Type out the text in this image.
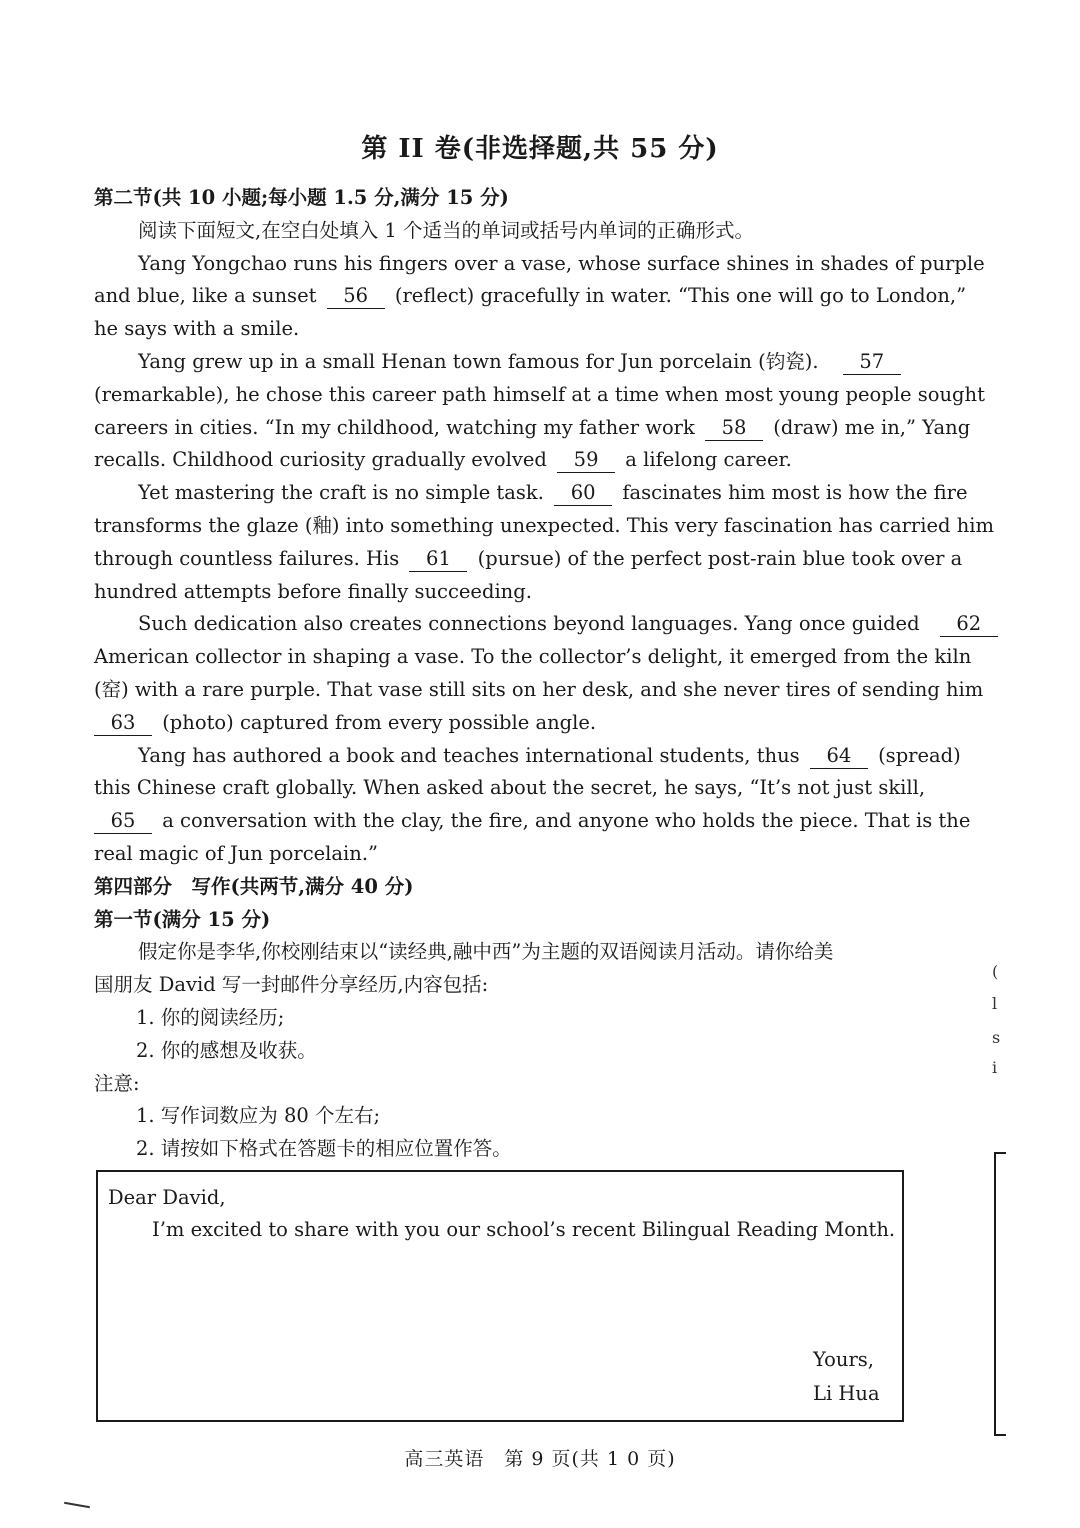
第 II 卷(非选择题,共 55 分)
第二节(共 10 小题;每小题 1.5 分,满分 15 分)
阅读下面短文,在空白处填入 1 个适当的单词或括号内单词的正确形式。
Yang Yongchao runs his fingers over a vase, whose surface shines in shades of purple
and blue, like a sunset 56 (reflect) gracefully in water. “This one will go to London,”
he says with a smile.
Yang grew up in a small Henan town famous for Jun porcelain (钧瓷). 57
(remarkable), he chose this career path himself at a time when most young people sought
careers in cities. “In my childhood, watching my father work 58 (draw) me in,” Yang
recalls. Childhood curiosity gradually evolved 59 a lifelong career.
Yet mastering the craft is no simple task. 60 fascinates him most is how the fire
transforms the glaze (釉) into something unexpected. This very fascination has carried him
through countless failures. His 61 (pursue) of the perfect post-rain blue took over a
hundred attempts before finally succeeding.
Such dedication also creates connections beyond languages. Yang once guided 62
American collector in shaping a vase. To the collector’s delight, it emerged from the kiln
(窑) with a rare purple. That vase still sits on her desk, and she never tires of sending him
63 (photo) captured from every possible angle.
Yang has authored a book and teaches international students, thus 64 (spread)
this Chinese craft globally. When asked about the secret, he says, “It’s not just skill,
65 a conversation with the clay, the fire, and anyone who holds the piece. That is the
real magic of Jun porcelain.”
第四部分　写作(共两节,满分 40 分)
第一节(满分 15 分)
假定你是李华,你校刚结束以“读经典,融中西”为主题的双语阅读月活动。请你给美
国朋友 David 写一封邮件分享经历,内容包括:
1. 你的阅读经历;
2. 你的感想及收获。
注意:
1. 写作词数应为 80 个左右;
2. 请按如下格式在答题卡的相应位置作答。
Dear David,
I’m excited to share with you our school’s recent Bilingual Reading Month.
Yours,
Li Hua
(
l
s
i
高三英语　第 9 页(共 1 0 页)
